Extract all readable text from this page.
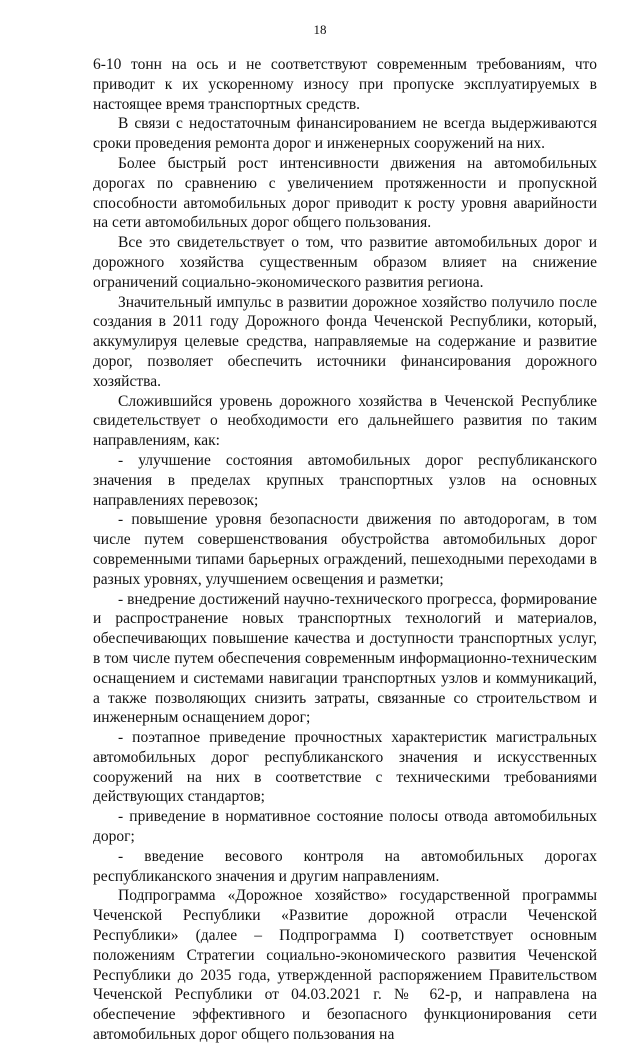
18

6-10 тонн на ось и не соответствуют современным требованиям, что приводит к их ускоренному износу при пропуске эксплуатируемых в настоящее время транспортных средств.

В связи с недостаточным финансированием не всегда выдерживаются сроки проведения ремонта дорог и инженерных сооружений на них.

Более быстрый рост интенсивности движения на автомобильных дорогах по сравнению с увеличением протяженности и пропускной способности автомобильных дорог приводит к росту уровня аварийности на сети автомобильных дорог общего пользования.

Все это свидетельствует о том, что развитие автомобильных дорог и дорожного хозяйства существенным образом влияет на снижение ограничений социально-экономического развития региона.

Значительный импульс в развитии дорожное хозяйство получило после создания в 2011 году Дорожного фонда Чеченской Республики, который, аккумулируя целевые средства, направляемые на содержание и развитие дорог, позволяет обеспечить источники финансирования дорожного хозяйства.

Сложившийся уровень дорожного хозяйства в Чеченской Республике свидетельствует о необходимости его дальнейшего развития по таким направлениям, как:

- улучшение состояния автомобильных дорог республиканского значения в пределах крупных транспортных узлов на основных направлениях перевозок;

- повышение уровня безопасности движения по автодорогам, в том числе путем совершенствования обустройства автомобильных дорог современными типами барьерных ограждений, пешеходными переходами в разных уровнях, улучшением освещения и разметки;

- внедрение достижений научно-технического прогресса, формирование и распространение новых транспортных технологий и материалов, обеспечивающих повышение качества и доступности транспортных услуг, в том числе путем обеспечения современным информационно-техническим оснащением и системами навигации транспортных узлов и коммуникаций, а также позволяющих снизить затраты, связанные со строительством и инженерным оснащением дорог;

- поэтапное приведение прочностных характеристик магистральных автомобильных дорог республиканского значения и искусственных сооружений на них в соответствие с техническими требованиями действующих стандартов;

- приведение в нормативное состояние полосы отвода автомобильных дорог;

- введение весового контроля на автомобильных дорогах республиканского значения и другим направлениям.

Подпрограмма «Дорожное хозяйство» государственной программы Чеченской Республики «Развитие дорожной отрасли Чеченской Республики» (далее – Подпрограмма I) соответствует основным положениям Стратегии социально-экономического развития Чеченской Республики до 2035 года, утвержденной распоряжением Правительством Чеченской Республики от 04.03.2021 г. № 62-р, и направлена на обеспечение эффективного и безопасного функционирования сети автомобильных дорог общего пользования на
